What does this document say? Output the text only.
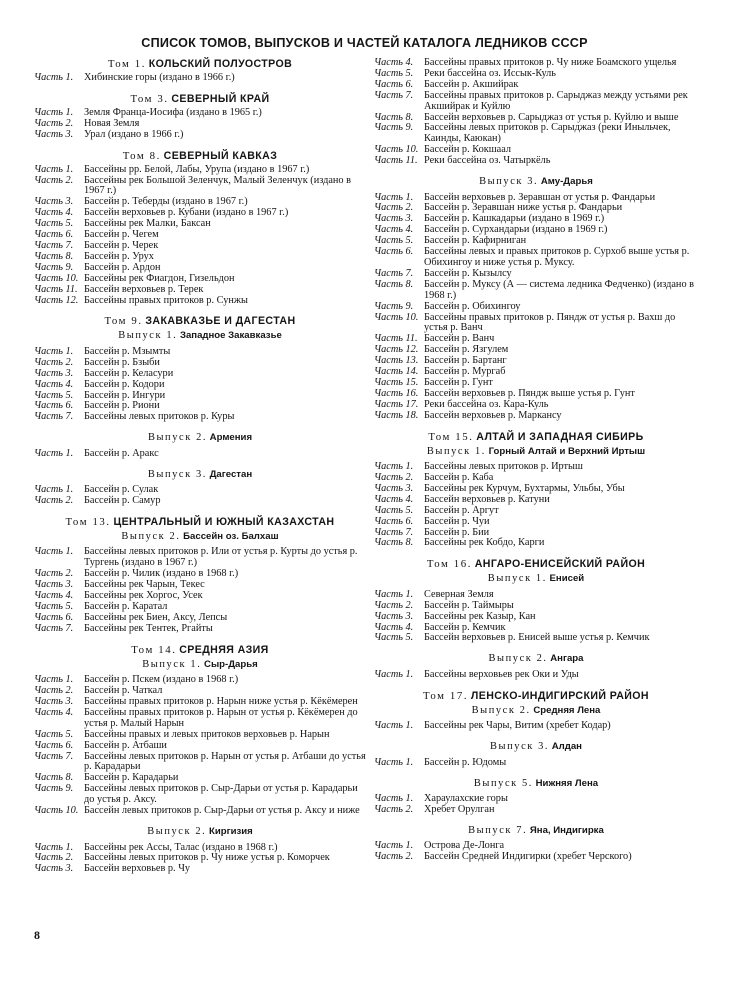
СПИСОК ТОМОВ, ВЫПУСКОВ И ЧАСТЕЙ КАТАЛОГА ЛЕДНИКОВ СССР
Том 1. КОЛЬСКИЙ ПОЛУОСТРОВ
Часть 1. Хибинские горы (издано в 1966 г.)
Том 3. СЕВЕРНЫЙ КРАЙ
Часть 1. Земля Франца-Иосифа (издано в 1965 г.)
Часть 2. Новая Земля
Часть 3. Урал (издано в 1966 г.)
Том 8. СЕВЕРНЫЙ КАВКАЗ
Часть 1. Бассейны рр. Белой, Лабы, Урупа (издано в 1967 г.)
Часть 2. Бассейны рек Большой Зеленчук, Малый Зеленчук (издано в 1967 г.)
Часть 3. Бассейн р. Теберды (издано в 1967 г.)
Часть 4. Бассейн верховьев р. Кубани (издано в 1967 г.)
Часть 5. Бассейны рек Малки, Баксан
Часть 6. Бассейн р. Чегем
Часть 7. Бассейн р. Черек
Часть 8. Бассейн р. Урух
Часть 9. Бассейн р. Ардон
Часть 10. Бассейны рек Фиагдон, Гизельдон
Часть 11. Бассейн верховьев р. Терек
Часть 12. Бассейны правых притоков р. Сунжы
Том 9. ЗАКАВКАЗЬЕ И ДАГЕСТАН
Выпуск 1. Западное Закавказье
Часть 1. Бассейн р. Мзымты
Часть 2. Бассейн р. Бзыби
Часть 3. Бассейн р. Келасури
Часть 4. Бассейн р. Кодори
Часть 5. Бассейн р. Ингури
Часть 6. Бассейн р. Риони
Часть 7. Бассейны левых притоков р. Куры
Выпуск 2. Армения
Часть 1. Бассейн р. Аракс
Выпуск 3. Дагестан
Часть 1. Бассейн р. Сулак
Часть 2. Бассейн р. Самур
Том 13. ЦЕНТРАЛЬНЫЙ И ЮЖНЫЙ КАЗАХСТАН
Выпуск 2. Бассейн оз. Балхаш
Часть 1. Бассейны левых притоков р. Или от устья р. Курты до устья р. Тургень (издано в 1967 г.)
Часть 2. Бассейн р. Чилик (издано в 1968 г.)
Часть 3. Бассейны рек Чарын, Текес
Часть 4. Бассейны рек Хоргос, Усек
Часть 5. Бассейн р. Каратал
Часть 6. Бассейны рек Биен, Аксу, Лепсы
Часть 7. Бассейны рек Тентек, Ргайты
Том 14. СРЕДНЯЯ АЗИЯ
Выпуск 1. Сыр-Дарья
Часть 1. Бассейн р. Пскем (издано в 1968 г.)
Часть 2. Бассейн р. Чаткал
Часть 3. Бассейны правых притоков р. Нарын ниже устья р. Кёкёмерен
Часть 4. Бассейны правых притоков р. Нарын от устья р. Кёкёмерен до устья р. Малый Нарын
Часть 5. Бассейны правых и левых притоков верховьев р. Нарын
Часть 6. Бассейн р. Атбаши
Часть 7. Бассейны левых притоков р. Нарын от устья р. Атбаши до устья р. Карадарьи
Часть 8. Бассейн р. Карадарьи
Часть 9. Бассейны левых притоков р. Сыр-Дарьи от устья р. Карадарьи до устья р. Аксу.
Часть 10. Бассейн левых притоков р. Сыр-Дарьи от устья р. Аксу и ниже
Выпуск 2. Киргизия
Часть 1. Бассейны рек Ассы, Талас (издано в 1968 г.)
Часть 2. Бассейны левых притоков р. Чу ниже устья р. Коморчек
Часть 3. Бассейн верховьев р. Чу
Часть 4. Бассейны правых притоков р. Чу ниже Боамского ущелья
Часть 5. Реки бассейна оз. Иссык-Куль
Часть 6. Бассейн р. Акшийрак
Часть 7. Бассейны правых притоков р. Сарыджаз между устьями рек Акшийрак и Куйлю
Часть 8. Бассейн верховьев р. Сарыджаз от устья р. Куйлю и выше
Часть 9. Бассейны левых притоков р. Сарыджаз (реки Иныльчек, Каинды, Каюкан)
Часть 10. Бассейн р. Кокшаал
Часть 11. Реки бассейна оз. Чатыркёль
Выпуск 3. Аму-Дарья
Часть 1. Бассейн верховьев р. Зеравшан от устья р. Фандарьи
Часть 2. Бассейн р. Зеравшан ниже устья р. Фандарьи
Часть 3. Бассейн р. Кашкадарьи (издано в 1969 г.)
Часть 4. Бассейн р. Сурхандарьи (издано в 1969 г.)
Часть 5. Бассейн р. Кафирниган
Часть 6. Бассейны левых и правых притоков р. Сурхоб выше устья р. Обихингоу и ниже устья р. Муксу.
Часть 7. Бассейн р. Кызылсу
Часть 8. Бассейн р. Муксу (А — система ледника Федченко) (издано в 1968 г.)
Часть 9. Бассейн р. Обихингоу
Часть 10. Бассейны правых притоков р. Пяндж от устья р. Вахш до устья р. Ванч
Часть 11. Бассейн р. Ванч
Часть 12. Бассейн р. Язгулем
Часть 13. Бассейн р. Бартанг
Часть 14. Бассейн р. Мургаб
Часть 15. Бассейн р. Гунт
Часть 16. Бассейн верховьев р. Пяндж выше устья р. Гунт
Часть 17. Реки бассейна оз. Кара-Куль
Часть 18. Бассейн верховьев р. Маркансу
Том 15. АЛТАЙ И ЗАПАДНАЯ СИБИРЬ
Выпуск 1. Горный Алтай и Верхний Иртыш
Часть 1. Бассейны левых притоков р. Иртыш
Часть 2. Бассейн р. Каба
Часть 3. Бассейны рек Курчум, Бухтармы, Ульбы, Убы
Часть 4. Бассейн верховьев р. Катуни
Часть 5. Бассейн р. Аргут
Часть 6. Бассейн р. Чуи
Часть 7. Бассейн р. Бии
Часть 8. Бассейны рек Кобдо, Карги
Том 16. АНГАРО-ЕНИСЕЙСКИЙ РАЙОН
Выпуск 1. Енисей
Часть 1. Северная Земля
Часть 2. Бассейн р. Таймыры
Часть 3. Бассейны рек Казыр, Кан
Часть 4. Бассейн р. Кемчик
Часть 5. Бассейн верховьев р. Енисей выше устья р. Кемчик
Выпуск 2. Ангара
Часть 1. Бассейны верховьев рек Оки и Уды
Том 17. ЛЕНСКО-ИНДИГИРСКИЙ РАЙОН
Выпуск 2. Средняя Лена
Часть 1. Бассейны рек Чары, Витим (хребет Кодар)
Выпуск 3. Алдан
Часть 1. Бассейн р. Юдомы
Выпуск 5. Нижняя Лена
Часть 1. Хараулахские горы
Часть 2. Хребет Орулган
Выпуск 7. Яна, Индигирка
Часть 1. Острова Де-Лонга
Часть 2. Бассейн Средней Индигирки (хребет Черского)
8
